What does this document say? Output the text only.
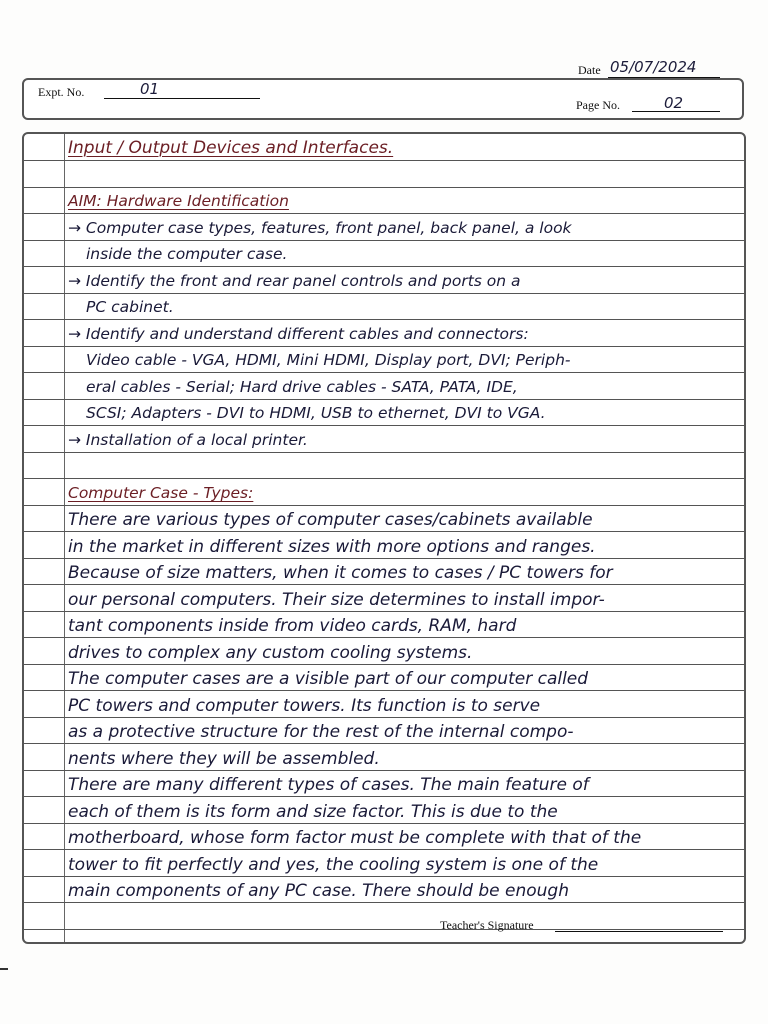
Date 05/07/2024
Expt. No.	01
Page No.	02
Input / Output Devices and Interfaces.
AIM: Hardware Identification
→ Computer case types, features, front panel, back panel, a look
inside the computer case.
→ Identify the front and rear panel controls and ports on a
PC cabinet.
→ Identify and understand different cables and connectors:
Video cable - VGA, HDMI, Mini HDMI, Display port, DVI; Periph-
eral cables - Serial; Hard drive cables - SATA, PATA, IDE,
SCSI; Adapters - DVI to HDMI, USB to ethernet, DVI to VGA.
→ Installation of a local printer.
Computer Case - Types:
There are various types of computer cases/cabinets available
in the market in different sizes with more options and ranges.
Because of size matters, when it comes to cases / PC towers for
our personal computers. Their size determines to install impor-
tant components inside from video cards, RAM, hard
drives to complex any custom cooling systems.
The computer cases are a visible part of our computer called
PC towers and computer towers. Its function is to serve
as a protective structure for the rest of the internal compo-
nents where they will be assembled.
There are many different types of cases. The main feature of
each of them is its form and size factor. This is due to the
motherboard, whose form factor must be complete with that of the
tower to fit perfectly and yes, the cooling system is one of the
main components of any PC case. There should be enough
Teacher's Signature
